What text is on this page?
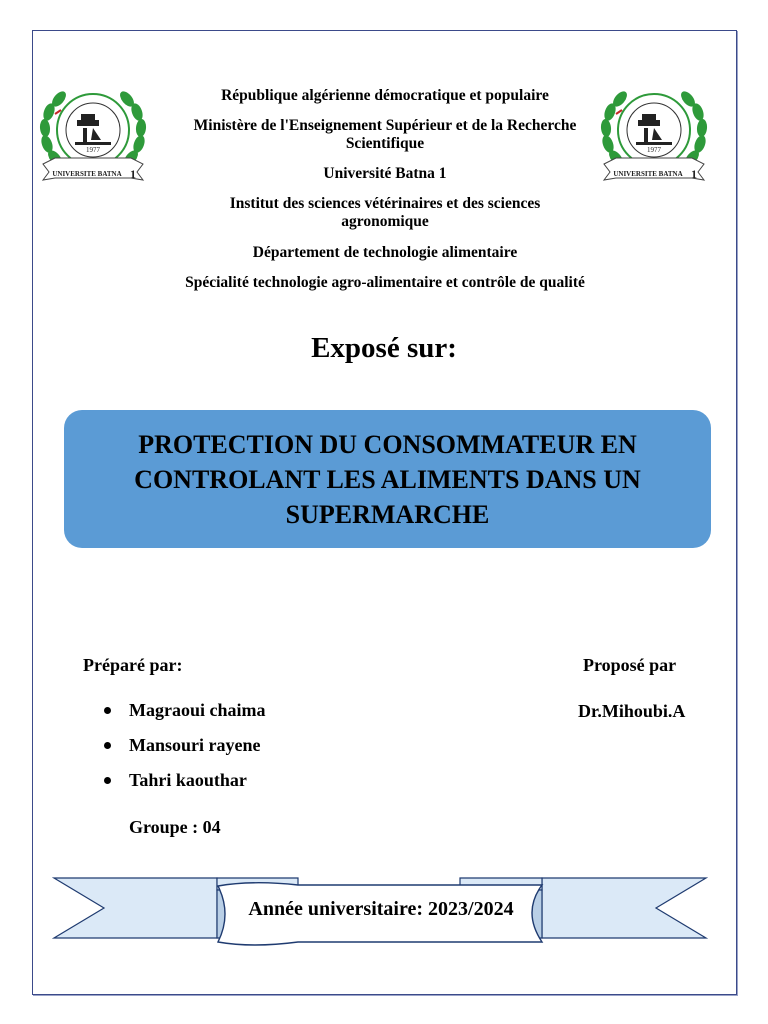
1977
UNIVERSITE BATNA 1
1977
UNIVERSITE BATNA 1
République algérienne démocratique et populaire
Ministère de l'Enseignement Supérieur et de la Recherche Scientifique
Université Batna 1
Institut des sciences vétérinaires et des sciences agronomique
Département de technologie alimentaire
Spécialité technologie agro-alimentaire et contrôle de qualité
Exposé sur:
PROTECTION DU CONSOMMATEUR EN CONTROLANT LES ALIMENTS DANS UN SUPERMARCHE
Préparé par:	Proposé par
Magraoui chaima
Mansouri rayene
Tahri kaouthar
Dr.Mihoubi.A
Groupe : 04
Année universitaire: 2023/2024
